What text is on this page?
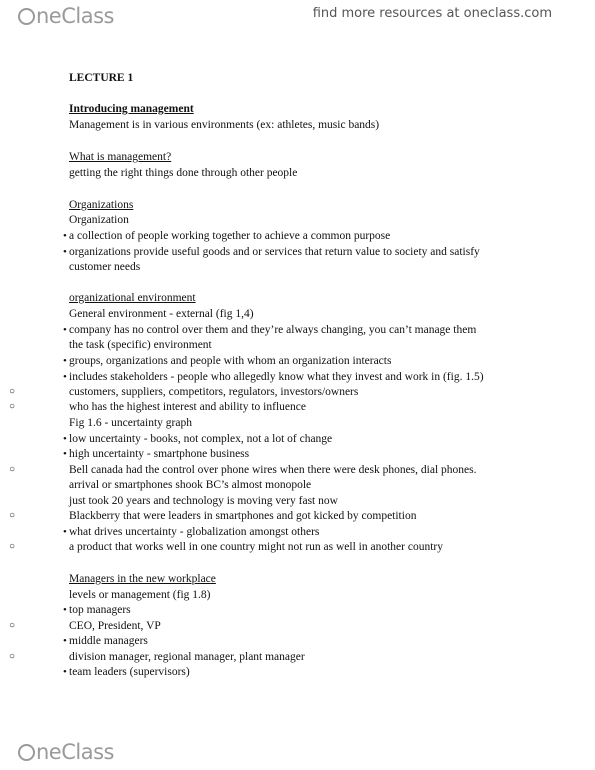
neClass	find more resources at oneclass.com
LECTURE 1
Introducing management
Management is in various environments (ex: athletes, music bands)
What is management?
getting the right things done through other people
Organizations
Organization
a collection of people working together to achieve a common purpose
•
organizations provide useful goods and or services that return value to society and satisfy
•
customer needs
organizational environment
General environment - external (fig 1,4)
company has no control over them and they’re always changing, you can’t manage them
•
the task (specific) environment
groups, organizations and people with whom an organization interacts
•
includes stakeholders - people who allegedly know what they invest and work in (fig. 1.5)
•
customers, suppliers, competitors, regulators, investors/owners
○
who has the highest interest and ability to influence
○
Fig 1.6 - uncertainty graph
low uncertainty - books, not complex, not a lot of change
•
high uncertainty - smartphone business
•
Bell canada had the control over phone wires when there were desk phones, dial phones.
○
arrival or smartphones shook BC’s almost monopole
just took 20 years and technology is moving very fast now
Blackberry that were leaders in smartphones and got kicked by competition
○
what drives uncertainty - globalization amongst others
•
a product that works well in one country might not run as well in another country
○
Managers in the new workplace
levels or management (fig 1.8)
top managers
•
CEO, President, VP
○
middle managers
•
division manager, regional manager, plant manager
○
team leaders (supervisors)
•
neClass
